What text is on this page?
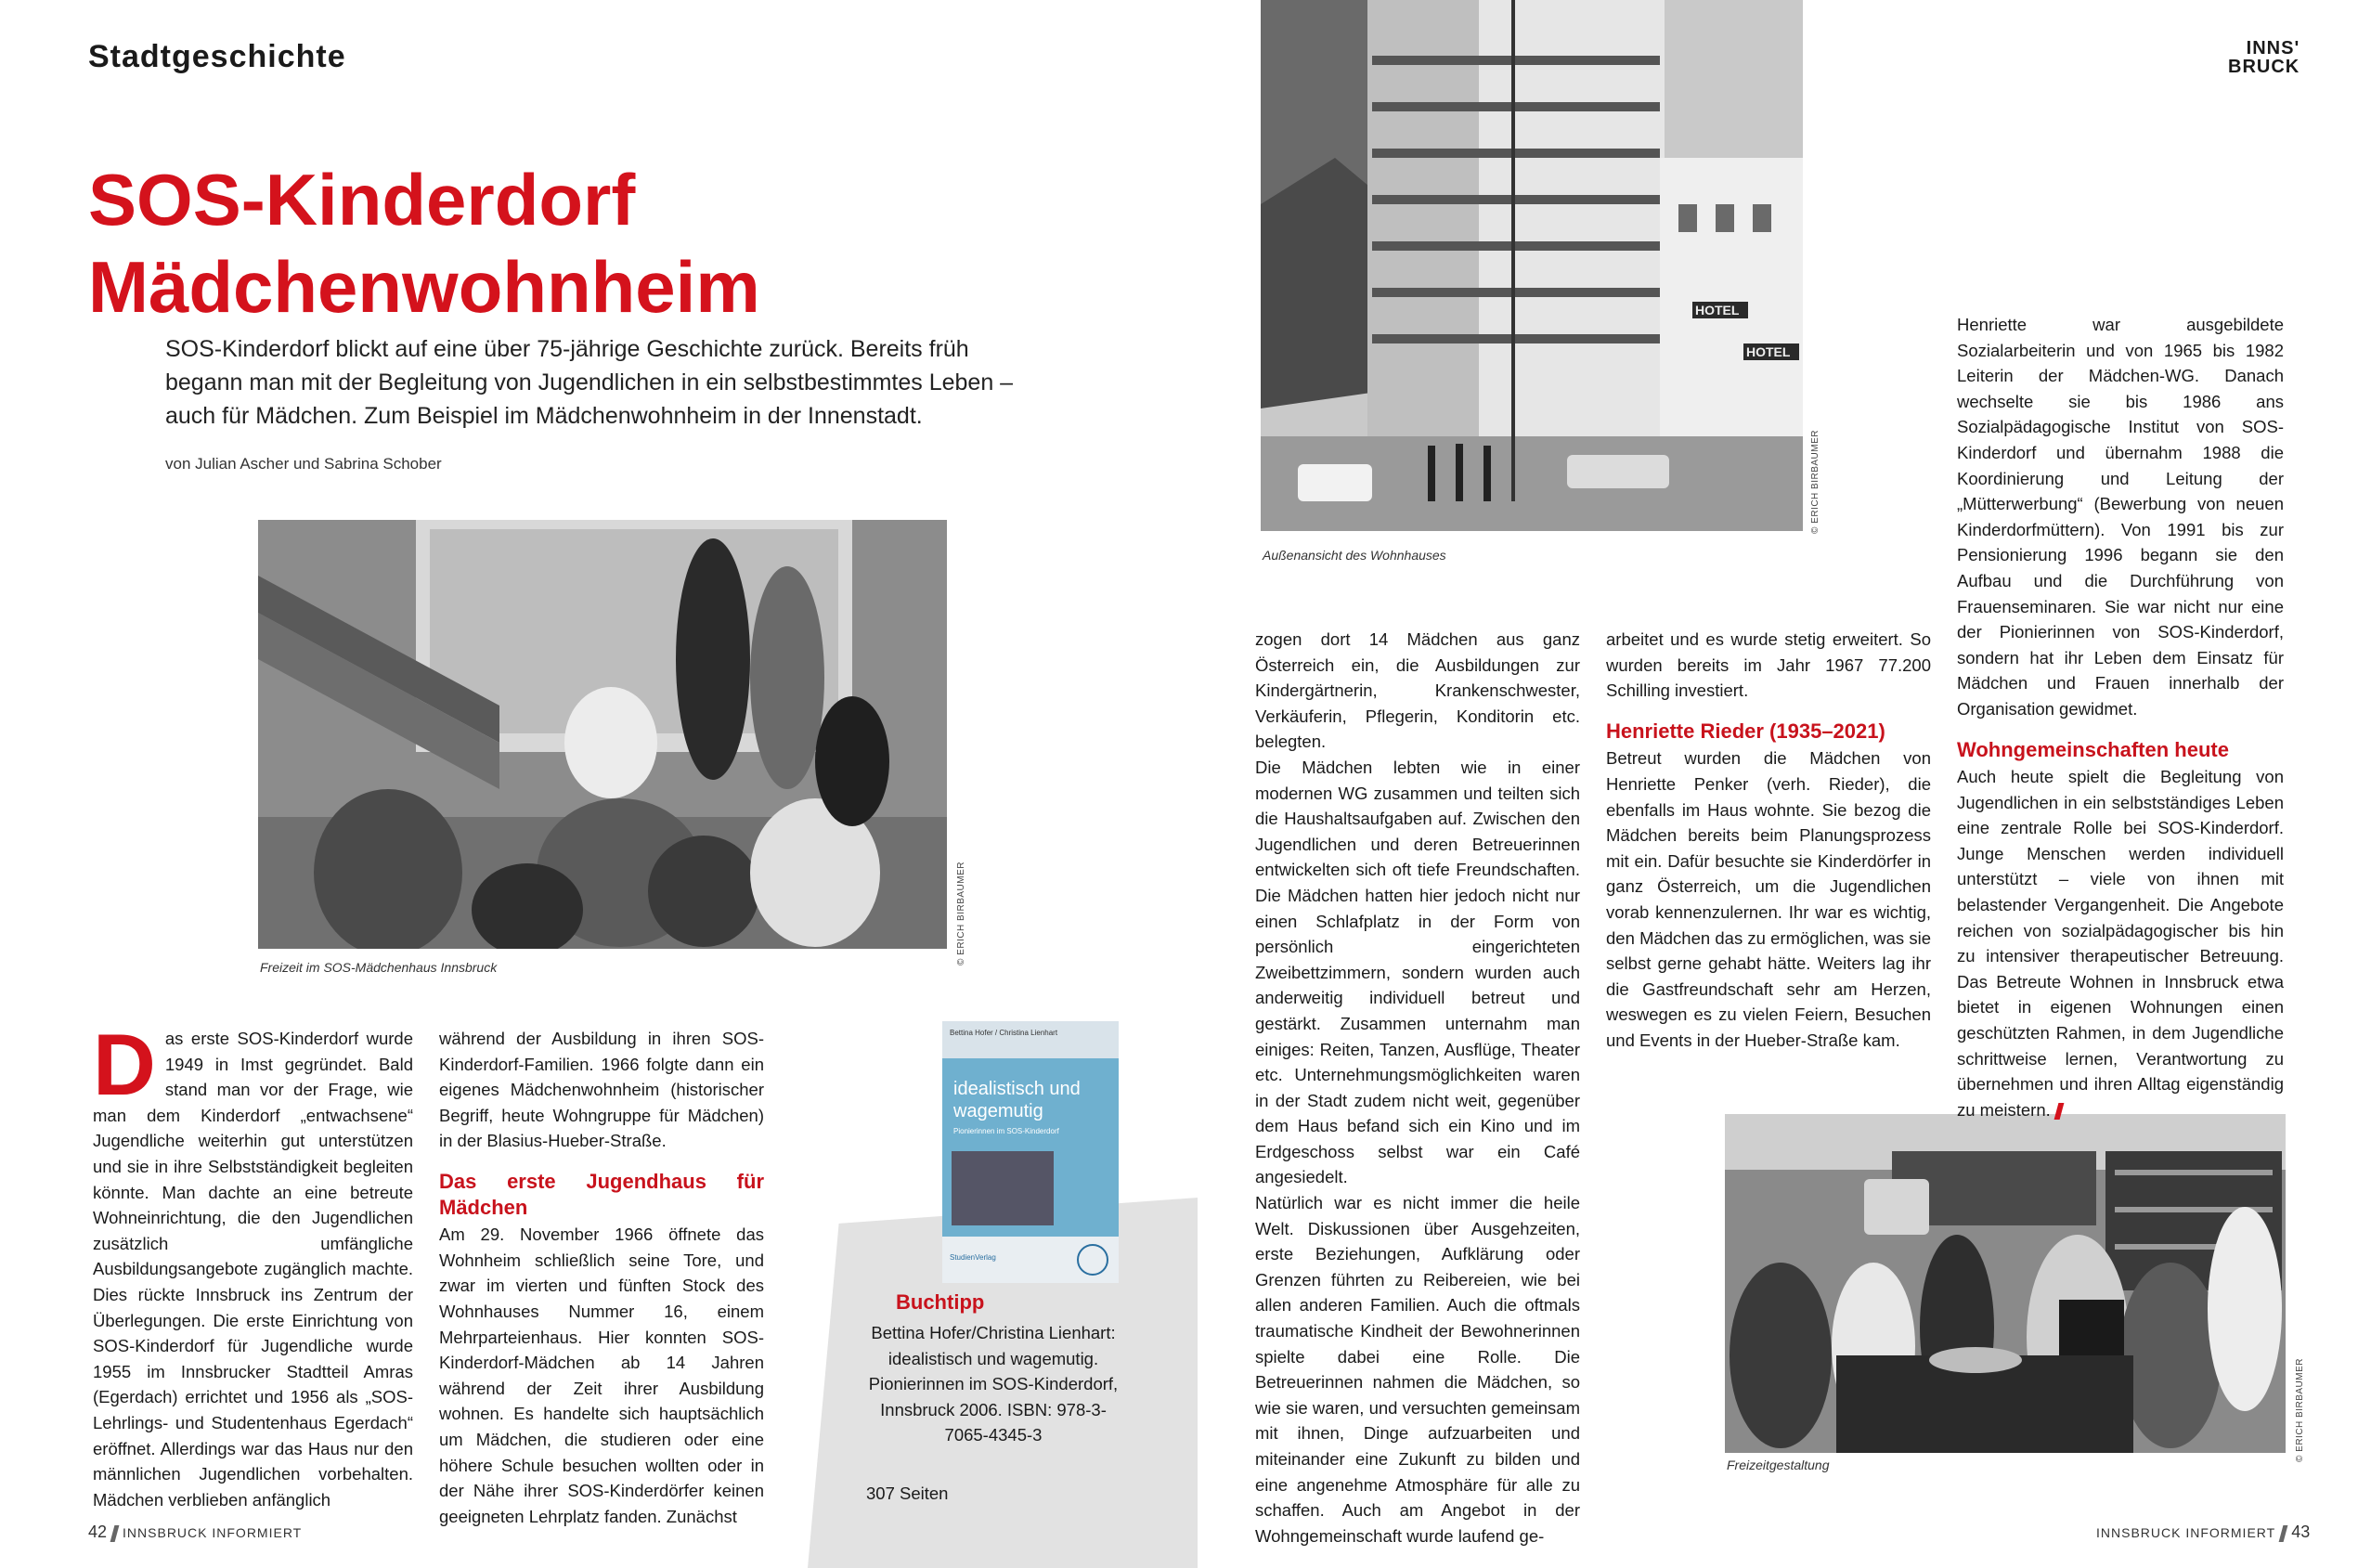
Stadtgeschichte	INNS'
BRUCK
SOS-Kinderdorf
Mädchenwohnheim
SOS-Kinderdorf blickt auf eine über 75-jährige Geschichte zurück. Bereits früh begann man mit der Begleitung von Jugendlichen in ein selbstbestimmtes Leben – auch für Mädchen. Zum Beispiel im Mädchenwohnheim in der Innenstadt.
von Julian Ascher und Sabrina Schober
© ERICH BIRBAUMER
Freizeit im SOS-Mädchenhaus Innsbruck
HOTEL
HOTEL
© ERICH BIRBAUMER
Außenansicht des Wohnhauses
© ERICH BIRBAUMER
Freizeitgestaltung

Das erste SOS-Kinderdorf wurde 1949 in Imst gegründet. Bald stand man vor der Frage, wie man dem Kinderdorf „entwachsene“ Jugendliche weiterhin gut unterstützen und sie in ihre Selbstständigkeit begleiten könnte. Man dachte an eine betreute Wohneinrichtung, die den Jugendlichen zusätzlich umfängliche Ausbildungsangebote zugänglich machte. Dies rückte Innsbruck ins Zentrum der Überlegungen. Die erste Einrichtung von SOS-Kinderdorf für Jugendliche wurde 1955 im Innsbrucker Stadtteil Amras (Egerdach) errichtet und 1956 als „SOS-Lehrlings- und Studentenhaus Egerdach“ eröffnet. Allerdings war das Haus nur den männlichen Jugendlichen vorbehalten. Mädchen verblieben anfänglich

während der Ausbildung in ihren SOS-Kinderdorf-Familien. 1966 folgte dann ein eigenes Mädchenwohnheim (historischer Begriff, heute Wohngruppe für Mädchen) in der Blasius-Hueber-Straße.

Das erste Jugendhaus für Mädchen

Am 29. November 1966 öffnete das Wohnheim schließlich seine Tore, und zwar im vierten und fünften Stock des Wohnhauses Nummer 16, einem Mehrparteienhaus. Hier konnten SOS-Kinderdorf-Mädchen ab 14 Jahren während der Zeit ihrer Ausbildung wohnen. Es handelte sich hauptsächlich um Mädchen, die studieren oder eine höhere Schule besuchen wollten oder in der Nähe ihrer SOS-Kinderdörfer keinen geeigneten Lehrplatz fanden. Zunächst

Bettina Hofer / Christina Lienhart
idealistisch und
wagemutig
Pionierinnen im SOS-Kinderdorf
StudienVerlag
Buchtipp
Bettina Hofer/Christina Lienhart: idealistisch und wagemutig. Pionierinnen im SOS-Kinderdorf, Innsbruck 2006. ISBN: 978-3-7065-4345-3
307 Seiten

zogen dort 14 Mädchen aus ganz Österreich ein, die Ausbildungen zur Kindergärtnerin, Krankenschwester, Verkäuferin, Pflegerin, Konditorin etc. belegten.

Die Mädchen lebten wie in einer modernen WG zusammen und teilten sich die Haushaltsaufgaben auf. Zwischen den Jugendlichen und deren Betreuerinnen entwickelten sich oft tiefe Freundschaften. Die Mädchen hatten hier jedoch nicht nur einen Schlafplatz in der Form von persönlich eingerichteten Zweibettzimmern, sondern wurden auch anderweitig individuell betreut und gestärkt. Zusammen unternahm man einiges: Reiten, Tanzen, Ausflüge, Theater etc. Unternehmungsmöglichkeiten waren in der Stadt zudem nicht weit, gegenüber dem Haus befand sich ein Kino und im Erdgeschoss selbst war ein Café angesiedelt.

Natürlich war es nicht immer die heile Welt. Diskussionen über Ausgehzeiten, erste Beziehungen, Aufklärung oder Grenzen führten zu Reibereien, wie bei allen anderen Familien. Auch die oftmals traumatische Kindheit der Bewohnerinnen spielte dabei eine Rolle. Die Betreuerinnen nahmen die Mädchen, so wie sie waren, und versuchten gemeinsam mit ihnen, Dinge aufzuarbeiten und miteinander eine Zukunft zu bilden und eine angenehme Atmosphäre für alle zu schaffen. Auch am Angebot in der Wohngemeinschaft wurde laufend ge-

arbeitet und es wurde stetig erweitert. So wurden bereits im Jahr 1967 77.200 Schilling investiert.

Henriette Rieder (1935–2021)

Betreut wurden die Mädchen von Henriette Penker (verh. Rieder), die ebenfalls im Haus wohnte. Sie bezog die Mädchen bereits beim Planungsprozess mit ein. Dafür besuchte sie Kinderdörfer in ganz Österreich, um die Jugendlichen vorab kennenzulernen. Ihr war es wichtig, den Mädchen das zu ermöglichen, was sie selbst gerne gehabt hätte. Weiters lag ihr die Gastfreundschaft sehr am Herzen, weswegen es zu vielen Feiern, Besuchen und Events in der Hueber-Straße kam.

Henriette war ausgebildete Sozialarbeiterin und von 1965 bis 1982 Leiterin der Mädchen-WG. Danach wechselte sie bis 1986 ans Sozialpädagogische Institut von SOS-Kinderdorf und übernahm 1988 die Koordinierung und Leitung der „Mütterwerbung“ (Bewerbung von neuen Kinderdorfmüttern). Von 1991 bis zur Pensionierung 1996 begann sie den Aufbau und die Durchführung von Frauenseminaren. Sie war nicht nur eine der Pionierinnen von SOS-Kinderdorf, sondern hat ihr Leben dem Einsatz für Mädchen und Frauen innerhalb der Organisation gewidmet.

Wohngemeinschaften heute

Auch heute spielt die Begleitung von Jugendlichen in ein selbstständiges Leben eine zentrale Rolle bei SOS-Kinderdorf. Junge Menschen werden individuell unterstützt – viele von ihnen mit belastender Vergangenheit. Die Angebote reichen von sozialpädagogischer bis hin zu intensiver therapeutischer Betreuung. Das Betreute Wohnen in Innsbruck etwa bietet in eigenen Wohnungen einen geschützten Rahmen, in dem Jugendliche schrittweise lernen, Verantwortung zu übernehmen und ihren Alltag eigenständig zu meistern.

42 INNSBRUCK INFORMIERT	INNSBRUCK INFORMIERT 43
